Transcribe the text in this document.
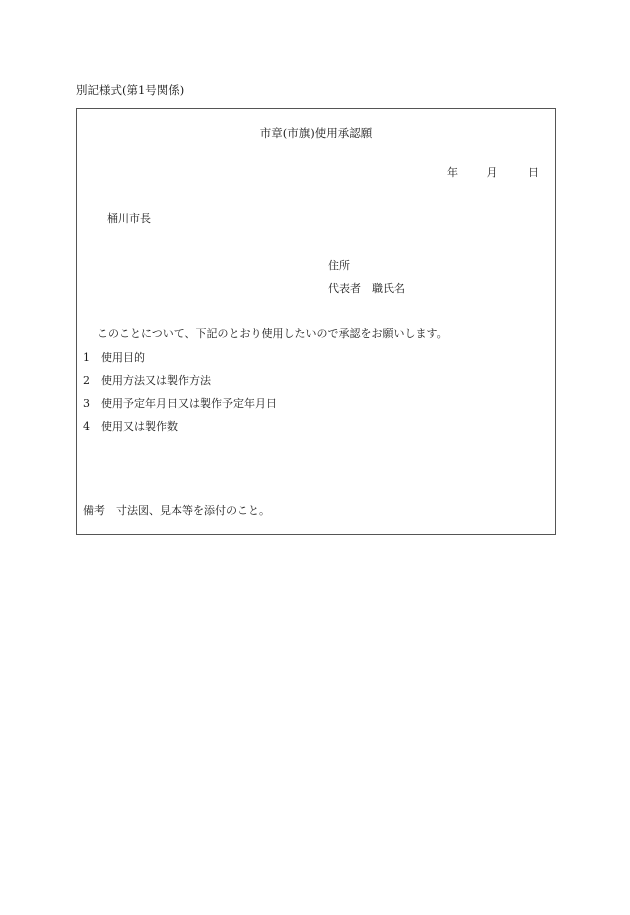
別記様式(第1号関係)
市章(市旗)使用承認願
年	月	日
桶川市長
住所
代表者　職氏名
このことについて、下記のとおり使用したいので承認をお願いします。
1 使用目的
2 使用方法又は製作方法
3 使用予定年月日又は製作予定年月日
4 使用又は製作数
備考　寸法図、見本等を添付のこと。
